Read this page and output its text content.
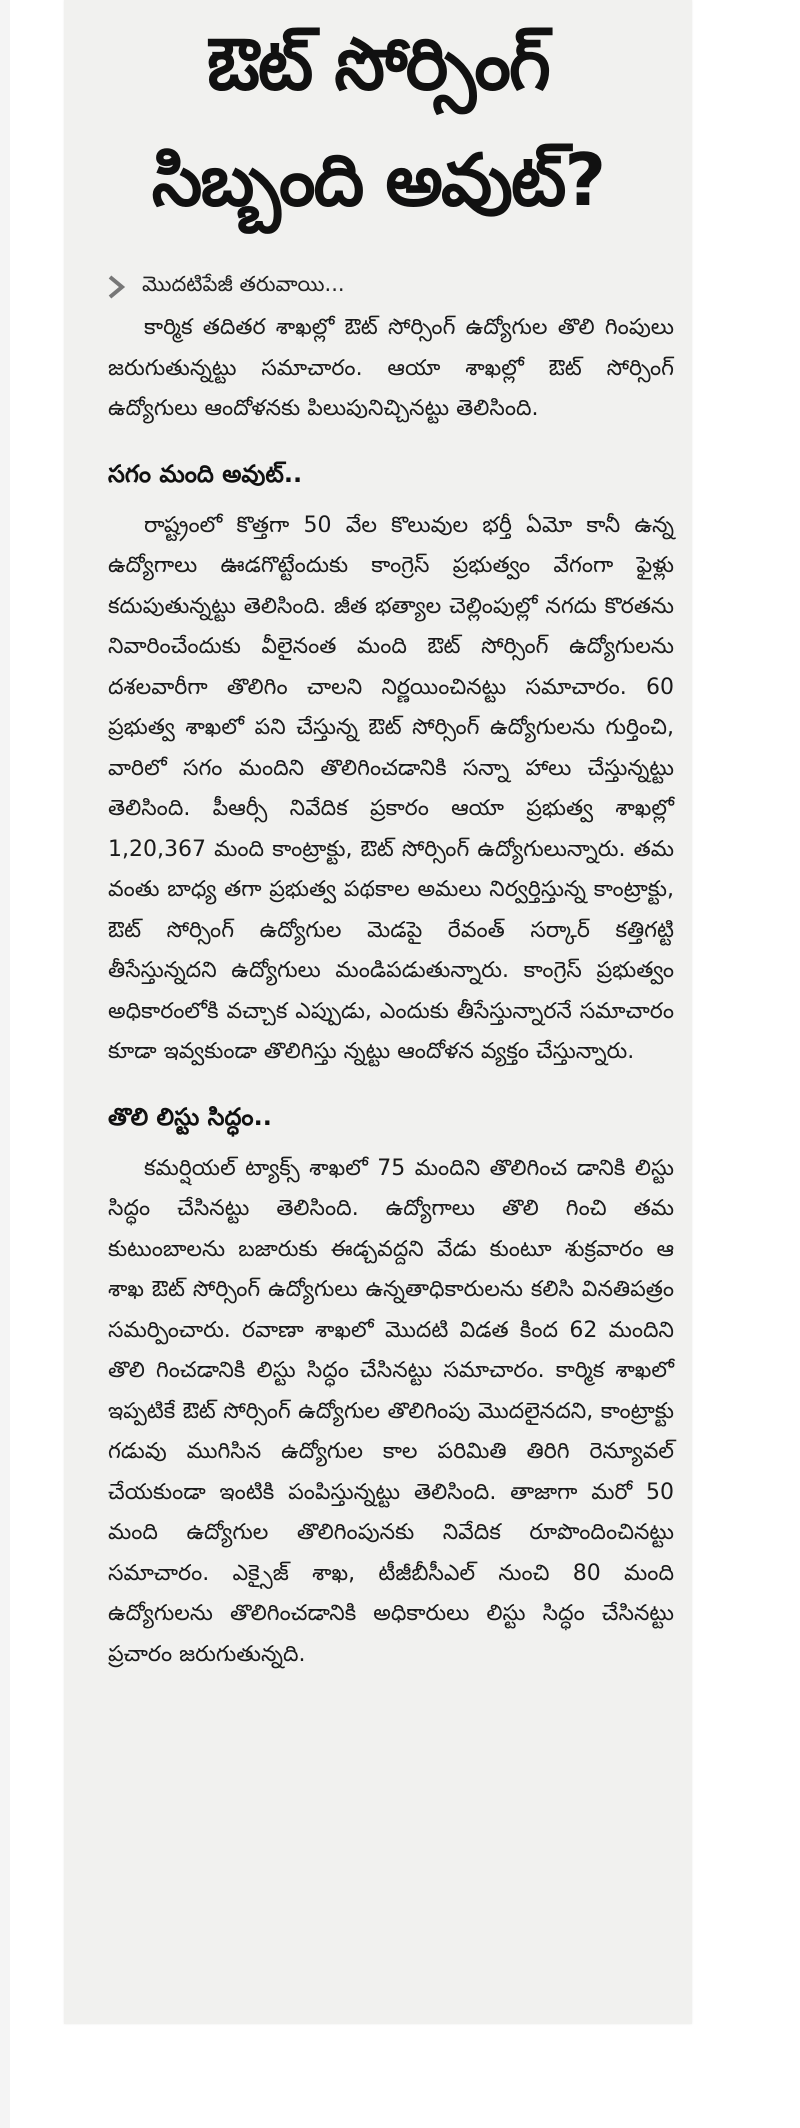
ఔట్ సోర్సింగ్
సిబ్బంది అవుట్?
మొదటిపేజీ తరువాయి...

కార్మిక తదితర శాఖల్లో ఔట్ సోర్సింగ్ ఉద్యోగుల తొలి గింపులు జరుగుతున్నట్టు సమాచారం. ఆయా శాఖల్లో ఔట్ సోర్సింగ్ ఉద్యోగులు ఆందోళనకు పిలుపునిచ్చినట్టు తెలిసింది.

సగం మంది అవుట్..

రాష్ట్రంలో కొత్తగా 50 వేల కొలువుల భర్తీ ఏమో కానీ ఉన్న ఉద్యోగాలు ఊడగొట్టేందుకు కాంగ్రెస్ ప్రభుత్వం వేగంగా ఫైళ్లు కదుపుతున్నట్టు తెలిసింది. జీత భత్యాల చెల్లింపుల్లో నగదు కొరతను నివారించేందుకు వీలైనంత మంది ఔట్ సోర్సింగ్ ఉద్యోగులను దశలవారీగా తొలిగిం చాలని నిర్ణయించినట్టు సమాచారం. 60 ప్రభుత్వ శాఖలో పని చేస్తున్న ఔట్ సోర్సింగ్ ఉద్యోగులను గుర్తించి, వారిలో సగం మందిని తొలిగించడానికి సన్నా హాలు చేస్తున్నట్టు తెలిసింది. పీఆర్సీ నివేదిక ప్రకారం ఆయా ప్రభుత్వ శాఖల్లో 1,20,367 మంది కాంట్రాక్టు, ఔట్ సోర్సింగ్ ఉద్యోగులున్నారు. తమ వంతు బాధ్య తగా ప్రభుత్వ పథకాల అమలు నిర్వర్తిస్తున్న కాంట్రాక్టు, ఔట్ సోర్సింగ్ ఉద్యోగుల మెడపై రేవంత్ సర్కార్ కత్తిగట్టి తీసేస్తున్నదని ఉద్యోగులు మండిపడుతున్నారు. కాంగ్రెస్ ప్రభుత్వం అధికారంలోకి వచ్చాక ఎప్పుడు, ఎందుకు తీసేస్తున్నారనే సమాచారం కూడా ఇవ్వకుండా తొలిగిస్తు న్నట్టు ఆందోళన వ్యక్తం చేస్తున్నారు.

తొలి లిస్టు సిద్ధం..

కమర్షియల్ ట్యాక్స్ శాఖలో 75 మందిని తొలిగించ డానికి లిస్టు సిద్ధం చేసినట్టు తెలిసింది. ఉద్యోగాలు తొలి గించి తమ కుటుంబాలను బజారుకు ఈడ్చవద్దని వేడు కుంటూ శుక్రవారం ఆ శాఖ ఔట్ సోర్సింగ్ ఉద్యోగులు ఉన్నతాధికారులను కలిసి వినతిపత్రం సమర్పించారు. రవాణా శాఖలో మొదటి విడత కింద 62 మందిని తొలి గించడానికి లిస్టు సిద్ధం చేసినట్టు సమాచారం. కార్మిక శాఖలో ఇప్పటికే ఔట్ సోర్సింగ్ ఉద్యోగుల తొలిగింపు మొదలైనదని, కాంట్రాక్టు గడువు ముగిసిన ఉద్యోగుల కాల పరిమితి తిరిగి రెన్యూవల్ చేయకుండా ఇంటికి పంపిస్తున్నట్టు తెలిసింది. తాజాగా మరో 50 మంది ఉద్యోగుల తొలిగింపునకు నివేదిక రూపొందించినట్టు సమాచారం. ఎక్సైజ్ శాఖ, టీజీబీసీఎల్ నుంచి 80 మంది ఉద్యోగులను తొలిగించడానికి అధికారులు లిస్టు సిద్ధం చేసినట్టు ప్రచారం జరుగుతున్నది.
